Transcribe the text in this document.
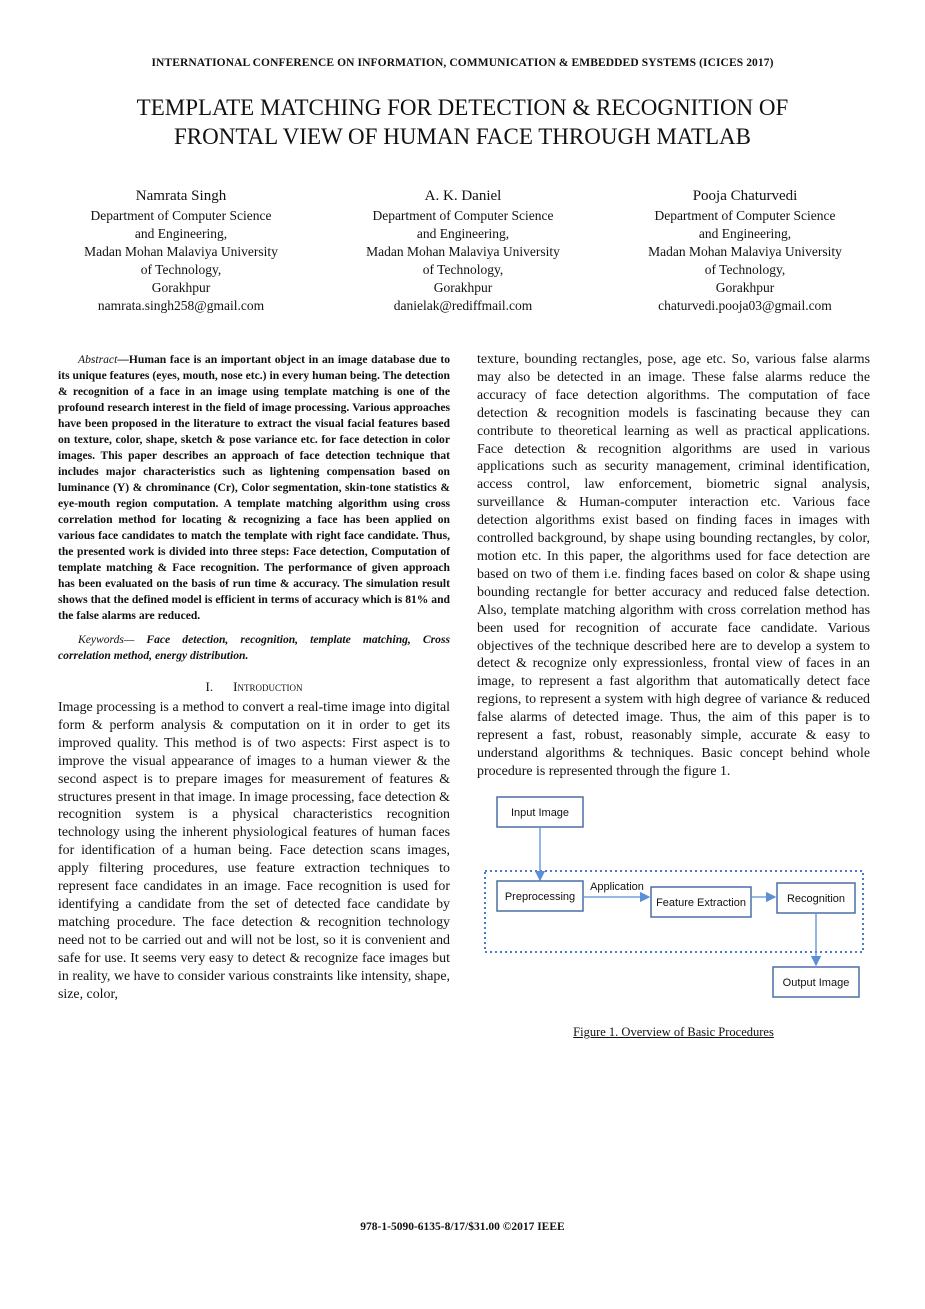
INTERNATIONAL CONFERENCE ON INFORMATION, COMMUNICATION & EMBEDDED SYSTEMS (ICICES 2017)
TEMPLATE MATCHING FOR DETECTION & RECOGNITION OF
FRONTAL VIEW OF HUMAN FACE THROUGH MATLAB
Namrata Singh
Department of Computer Science
and Engineering,
Madan Mohan Malaviya University
of Technology,
Gorakhpur
namrata.singh258@gmail.com
A. K. Daniel
Department of Computer Science
and Engineering,
Madan Mohan Malaviya University
of Technology,
Gorakhpur
danielak@rediffmail.com
Pooja Chaturvedi
Department of Computer Science
and Engineering,
Madan Mohan Malaviya University
of Technology,
Gorakhpur
chaturvedi.pooja03@gmail.com

Abstract—Human face is an important object in an image database due to its unique features (eyes, mouth, nose etc.) in every human being. The detection & recognition of a face in an image using template matching is one of the profound research interest in the field of image processing. Various approaches have been proposed in the literature to extract the visual facial features based on texture, color, shape, sketch & pose variance etc. for face detection in color images. This paper describes an approach of face detection technique that includes major characteristics such as lightening compensation based on luminance (Y) & chrominance (Cr), Color segmentation, skin-tone statistics & eye-mouth region computation. A template matching algorithm using cross correlation method for locating & recognizing a face has been applied on various face candidates to match the template with right face candidate. Thus, the presented work is divided into three steps: Face detection, Computation of template matching & Face recognition. The performance of given approach has been evaluated on the basis of run time & accuracy. The simulation result shows that the defined model is efficient in terms of accuracy which is 81% and the false alarms are reduced.

Keywords— Face detection, recognition, template matching, Cross correlation method, energy distribution.

I. Introduction

Image processing is a method to convert a real-time image into digital form & perform analysis & computation on it in order to get its improved quality. This method is of two aspects: First aspect is to improve the visual appearance of images to a human viewer & the second aspect is to prepare images for measurement of features & structures present in that image. In image processing, face detection & recognition system is a physical characteristics recognition technology using the inherent physiological features of human faces for identification of a human being. Face detection scans images, apply filtering procedures, use feature extraction techniques to represent face candidates in an image. Face recognition is used for identifying a candidate from the set of detected face candidate by matching procedure. The face detection & recognition technology need not to be carried out and will not be lost, so it is convenient and safe for use. It seems very easy to detect & recognize face images but in reality, we have to consider various constraints like intensity, shape, size, color,

texture, bounding rectangles, pose, age etc. So, various false alarms may also be detected in an image. These false alarms reduce the accuracy of face detection algorithms. The computation of face detection & recognition models is fascinating because they can contribute to theoretical learning as well as practical applications. Face detection & recognition algorithms are used in various applications such as security management, criminal identification, access control, law enforcement, biometric signal analysis, surveillance & Human-computer interaction etc. Various face detection algorithms exist based on finding faces in images with controlled background, by shape using bounding rectangles, by color, motion etc. In this paper, the algorithms used for face detection are based on two of them i.e. finding faces based on color & shape using bounding rectangle for better accuracy and reduced false detection. Also, template matching algorithm with cross correlation method has been used for recognition of accurate face candidate. Various objectives of the technique described here are to develop a system to detect & recognize only expressionless, frontal view of faces in an image, to represent a fast algorithm that automatically detect face regions, to represent a system with high degree of variance & reduced false alarms of detected image. Thus, the aim of this paper is to represent a fast, robust, reasonably simple, accurate & easy to understand algorithms & techniques. Basic concept behind whole procedure is represented through the figure 1.

Input Image
Preprocessing
Application
Feature Extraction	Recognition
Output Image
Figure 1. Overview of Basic Procedures
978-1-5090-6135-8/17/$31.00 ©2017 IEEE
